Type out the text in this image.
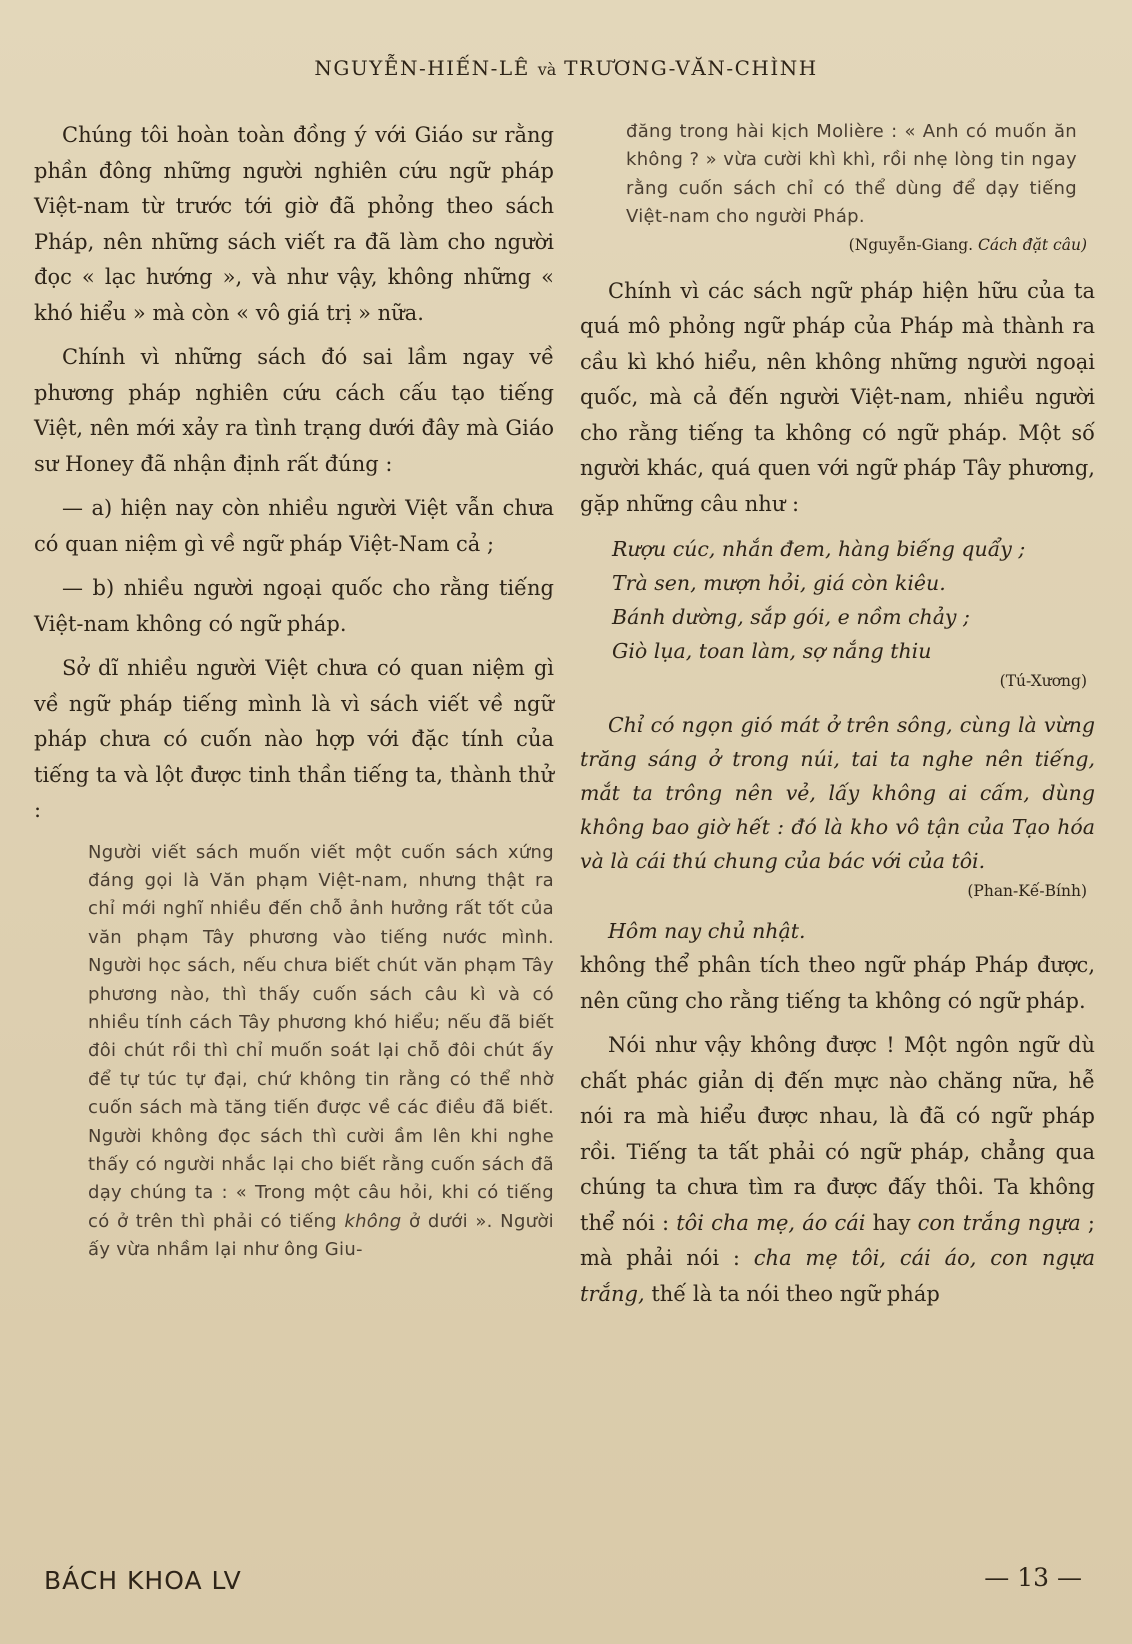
NGUYỄN-HIẾN-LÊ và TRƯƠNG-VĂN-CHÌNH

Chúng tôi hoàn toàn đồng ý với Giáo sư rằng phần đông những người nghiên cứu ngữ pháp Việt-nam từ trước tới giờ đã phỏng theo sách Pháp, nên những sách viết ra đã làm cho người đọc « lạc hướng », và như vậy, không những « khó hiểu » mà còn « vô giá trị » nữa.

Chính vì những sách đó sai lầm ngay về phương pháp nghiên cứu cách cấu tạo tiếng Việt, nên mới xảy ra tình trạng dưới đây mà Giáo sư Honey đã nhận định rất đúng :

— a) hiện nay còn nhiều người Việt vẫn chưa có quan niệm gì về ngữ pháp Việt-Nam cả ;

— b) nhiều người ngoại quốc cho rằng tiếng Việt-nam không có ngữ pháp.

Sở dĩ nhiều người Việt chưa có quan niệm gì về ngữ pháp tiếng mình là vì sách viết về ngữ pháp chưa có cuốn nào hợp với đặc tính của tiếng ta và lột được tinh thần tiếng ta, thành thử :

Người viết sách muốn viết một cuốn sách xứng đáng gọi là Văn phạm Việt-nam, nhưng thật ra chỉ mới nghĩ nhiều đến chỗ ảnh hưởng rất tốt của văn phạm Tây phương vào tiếng nước mình. Người học sách, nếu chưa biết chút văn phạm Tây phương nào, thì thấy cuốn sách câu kì và có nhiều tính cách Tây phương khó hiểu; nếu đã biết đôi chút rồi thì chỉ muốn soát lại chỗ đôi chút ấy để tự túc tự đại, chứ không tin rằng có thể nhờ cuốn sách mà tăng tiến được về các điều đã biết. Người không đọc sách thì cười ầm lên khi nghe thấy có người nhắc lại cho biết rằng cuốn sách đã dạy chúng ta : « Trong một câu hỏi, khi có tiếng có ở trên thì phải có tiếng không ở dưới ». Người ấy vừa nhầm lại như ông Giu-
đăng trong hài kịch Molière : « Anh có muốn ăn không ? » vừa cười khì khì, rồi nhẹ lòng tin ngay rằng cuốn sách chỉ có thể dùng để dạy tiếng Việt-nam cho người Pháp.
(Nguyễn-Giang. Cách đặt câu)

Chính vì các sách ngữ pháp hiện hữu của ta quá mô phỏng ngữ pháp của Pháp mà thành ra cầu kì khó hiểu, nên không những người ngoại quốc, mà cả đến người Việt-nam, nhiều người cho rằng tiếng ta không có ngữ pháp. Một số người khác, quá quen với ngữ pháp Tây phương, gặp những câu như :

Rượu cúc, nhắn đem, hàng biếng quẩy ;
Trà sen, mượn hỏi, giá còn kiêu.
Bánh dường, sắp gói, e nồm chảy ;
Giò lụa, toan làm, sợ nắng thiu
(Tú-Xương)
Chỉ có ngọn gió mát ở trên sông, cùng là vừng trăng sáng ở trong núi, tai ta nghe nên tiếng, mắt ta trông nên vẻ, lấy không ai cấm, dùng không bao giờ hết : đó là kho vô tận của Tạo hóa và là cái thú chung của bác với của tôi.
(Phan-Kế-Bính)
Hôm nay chủ nhật.

không thể phân tích theo ngữ pháp Pháp được, nên cũng cho rằng tiếng ta không có ngữ pháp.

Nói như vậy không được ! Một ngôn ngữ dù chất phác giản dị đến mực nào chăng nữa, hễ nói ra mà hiểu được nhau, là đã có ngữ pháp rồi. Tiếng ta tất phải có ngữ pháp, chẳng qua chúng ta chưa tìm ra được đấy thôi. Ta không thể nói : tôi cha mẹ, áo cái hay con trắng ngựa ; mà phải nói : cha mẹ tôi, cái áo, con ngựa trắng, thế là ta nói theo ngữ pháp

BÁCH KHOA LV	— 13 —
